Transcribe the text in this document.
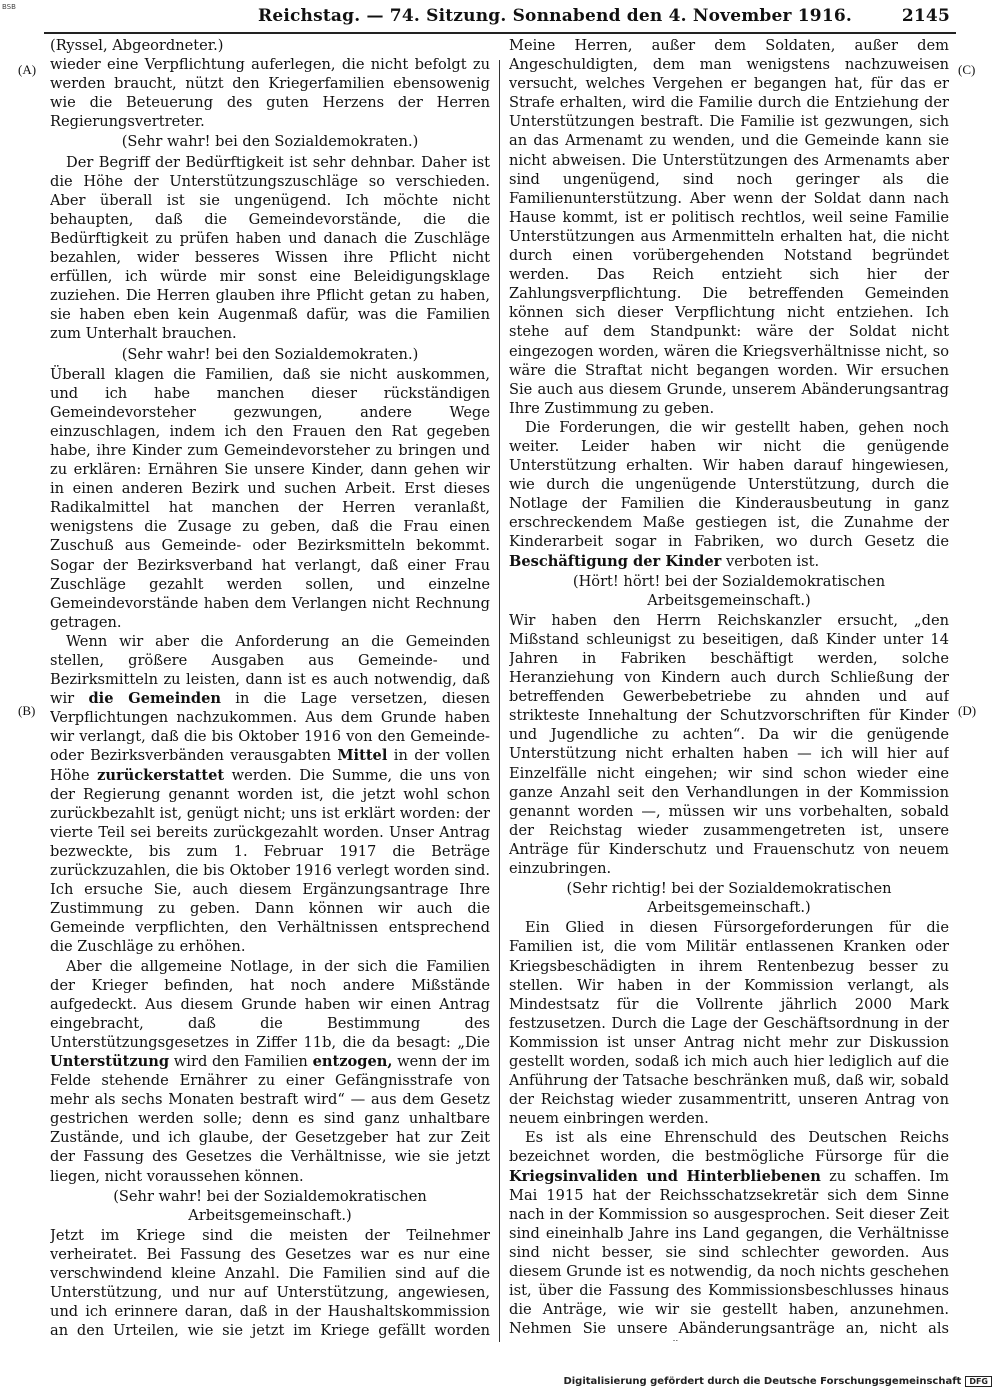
BSB	Reichstag. — 74. Sitzung. Sonnabend den 4. November 1916.	2145
(A)
(B)
(C)
(D)

(Ryssel, Abgeordneter.)

wieder eine Verpflichtung auferlegen, die nicht befolgt zu werden braucht, nützt den Kriegerfamilien ebensowenig wie die Beteuerung des guten Herzens der Herren Regierungsvertreter.

(Sehr wahr! bei den Sozialdemokraten.)

Der Begriff der Bedürftigkeit ist sehr dehnbar. Daher ist die Höhe der Unterstützungszuschläge so verschieden. Aber überall ist sie ungenügend. Ich möchte nicht behaupten, daß die Gemeindevorstände, die die Bedürftigkeit zu prüfen haben und danach die Zuschläge bezahlen, wider besseres Wissen ihre Pflicht nicht erfüllen, ich würde mir sonst eine Beleidigungsklage zuziehen. Die Herren glauben ihre Pflicht getan zu haben, sie haben eben kein Augenmaß dafür, was die Familien zum Unterhalt brauchen.

(Sehr wahr! bei den Sozialdemokraten.)

Überall klagen die Familien, daß sie nicht auskommen, und ich habe manchen dieser rückständigen Gemeindevorsteher gezwungen, andere Wege einzuschlagen, indem ich den Frauen den Rat gegeben habe, ihre Kinder zum Gemeindevorsteher zu bringen und zu erklären: Ernähren Sie unsere Kinder, dann gehen wir in einen anderen Bezirk und suchen Arbeit. Erst dieses Radikalmittel hat manchen der Herren veranlaßt, wenigstens die Zusage zu geben, daß die Frau einen Zuschuß aus Gemeinde- oder Bezirksmitteln bekommt. Sogar der Bezirksverband hat verlangt, daß einer Frau Zuschläge gezahlt werden sollen, und einzelne Gemeindevorstände haben dem Verlangen nicht Rechnung getragen.

Wenn wir aber die Anforderung an die Gemeinden stellen, größere Ausgaben aus Gemeinde- und Bezirksmitteln zu leisten, dann ist es auch notwendig, daß wir die Gemeinden in die Lage versetzen, diesen Verpflichtungen nachzukommen. Aus dem Grunde haben wir verlangt, daß die bis Oktober 1916 von den Gemeinde- oder Bezirksverbänden verausgabten Mittel in der vollen Höhe zurückerstattet werden. Die Summe, die uns von der Regierung genannt worden ist, die jetzt wohl schon zurückbezahlt ist, genügt nicht; uns ist erklärt worden: der vierte Teil sei bereits zurückgezahlt worden. Unser Antrag bezweckte, bis zum 1. Februar 1917 die Beträge zurückzuzahlen, die bis Oktober 1916 verlegt worden sind. Ich ersuche Sie, auch diesem Ergänzungsantrage Ihre Zustimmung zu geben. Dann können wir auch die Gemeinde verpflichten, den Verhältnissen entsprechend die Zuschläge zu erhöhen.

Aber die allgemeine Notlage, in der sich die Familien der Krieger befinden, hat noch andere Mißstände aufgedeckt. Aus diesem Grunde haben wir einen Antrag eingebracht, daß die Bestimmung des Unterstützungsgesetzes in Ziffer 11b, die da besagt: „Die Unterstützung wird den Familien entzogen, wenn der im Felde stehende Ernährer zu einer Gefängnisstrafe von mehr als sechs Monaten bestraft wird“ — aus dem Gesetz gestrichen werden solle; denn es sind ganz unhaltbare Zustände, und ich glaube, der Gesetzgeber hat zur Zeit der Fassung des Gesetzes die Verhältnisse, wie sie jetzt liegen, nicht voraussehen können.

(Sehr wahr! bei der Sozialdemokratischen Arbeitsgemeinschaft.)

Jetzt im Kriege sind die meisten der Teilnehmer verheiratet. Bei Fassung des Gesetzes war es nur eine verschwindend kleine Anzahl. Die Familien sind auf die Unterstützung, und nur auf Unterstützung, angewiesen, und ich erinnere daran, daß in der Haushaltskommission an den Urteilen, wie sie jetzt im Kriege gefällt worden

Meine Herren, außer dem Soldaten, außer dem Angeschuldigten, dem man wenigstens nachzuweisen versucht, welches Vergehen er begangen hat, für das er Strafe erhalten, wird die Familie durch die Entziehung der Unterstützungen bestraft. Die Familie ist gezwungen, sich an das Armenamt zu wenden, und die Gemeinde kann sie nicht abweisen. Die Unterstützungen des Armenamts aber sind ungenügend, sind noch geringer als die Familienunterstützung. Aber wenn der Soldat dann nach Hause kommt, ist er politisch rechtlos, weil seine Familie Unterstützungen aus Armenmitteln erhalten hat, die nicht durch einen vorübergehenden Notstand begründet werden. Das Reich entzieht sich hier der Zahlungsverpflichtung. Die betreffenden Gemeinden können sich dieser Verpflichtung nicht entziehen. Ich stehe auf dem Standpunkt: wäre der Soldat nicht eingezogen worden, wären die Kriegsverhältnisse nicht, so wäre die Straftat nicht begangen worden. Wir ersuchen Sie auch aus diesem Grunde, unserem Abänderungsantrag Ihre Zustimmung zu geben.

Die Forderungen, die wir gestellt haben, gehen noch weiter. Leider haben wir nicht die genügende Unterstützung erhalten. Wir haben darauf hingewiesen, wie durch die ungenügende Unterstützung, durch die Notlage der Familien die Kinderausbeutung in ganz erschreckendem Maße gestiegen ist, die Zunahme der Kinderarbeit sogar in Fabriken, wo durch Gesetz die Beschäftigung der Kinder verboten ist.

(Hört! hört! bei der Sozialdemokratischen Arbeitsgemeinschaft.)

Wir haben den Herrn Reichskanzler ersucht, „den Mißstand schleunigst zu beseitigen, daß Kinder unter 14 Jahren in Fabriken beschäftigt werden, solche Heranziehung von Kindern auch durch Schließung der betreffenden Gewerbebetriebe zu ahnden und auf strikteste Innehaltung der Schutzvorschriften für Kinder und Jugendliche zu achten“. Da wir die genügende Unterstützung nicht erhalten haben — ich will hier auf Einzelfälle nicht eingehen; wir sind schon wieder eine ganze Anzahl seit den Verhandlungen in der Kommission genannt worden —, müssen wir uns vorbehalten, sobald der Reichstag wieder zusammengetreten ist, unsere Anträge für Kinderschutz und Frauenschutz von neuem einzubringen.

(Sehr richtig! bei der Sozialdemokratischen Arbeitsgemeinschaft.)

Ein Glied in diesen Fürsorgeforderungen für die Familien ist, die vom Militär entlassenen Kranken oder Kriegsbeschädigten in ihrem Rentenbezug besser zu stellen. Wir haben in der Kommission verlangt, als Mindestsatz für die Vollrente jährlich 2000 Mark festzusetzen. Durch die Lage der Geschäftsordnung in der Kommission ist unser Antrag nicht mehr zur Diskussion gestellt worden, sodaß ich mich auch hier lediglich auf die Anführung der Tatsache beschränken muß, daß wir, sobald der Reichstag wieder zusammentritt, unseren Antrag von neuem einbringen werden.

Es ist als eine Ehrenschuld des Deutschen Reichs bezeichnet worden, die bestmögliche Fürsorge für die Kriegsinvaliden und Hinterbliebenen zu schaffen. Im Mai 1915 hat der Reichsschatzsekretär sich dem Sinne nach in der Kommission so ausgesprochen. Seit dieser Zeit sind eineinhalb Jahre ins Land gegangen, die Verhältnisse sind nicht besser, sie sind schlechter geworden. Aus diesem Grunde ist es notwendig, da noch nichts geschehen ist, über die Fassung des Kommissionsbeschlusses hinaus die Anträge, wie wir sie gestellt haben, anzunehmen. Nehmen Sie unsere Abänderungsanträge an, nicht als

Digitalisierung gefördert durch die Deutsche Forschungsgemeinschaft DFG
